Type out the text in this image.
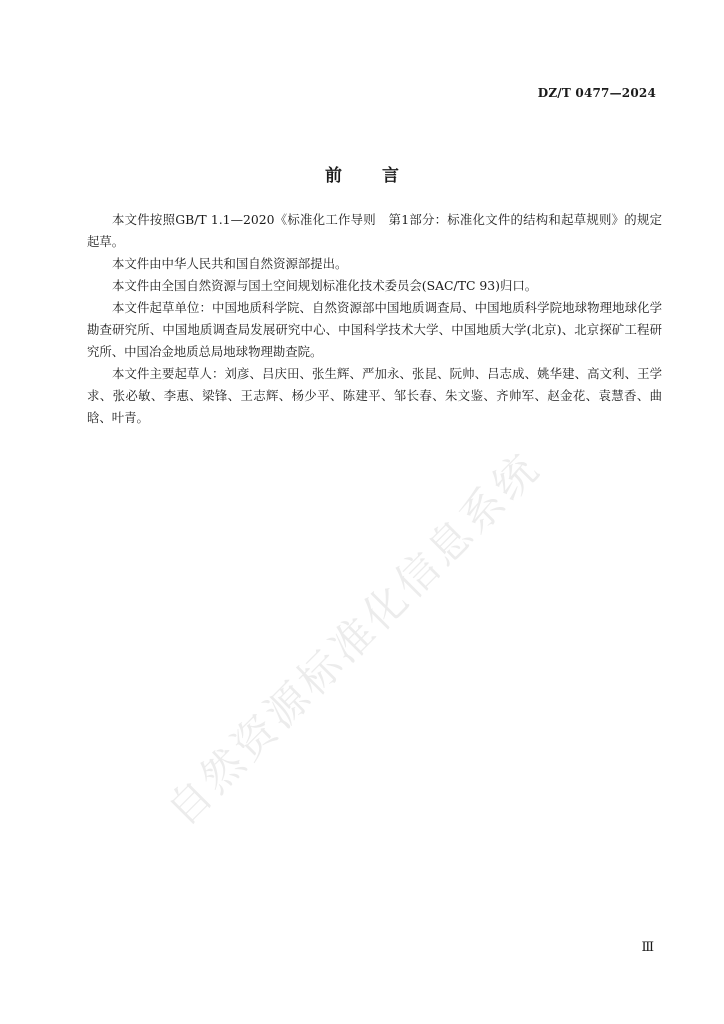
DZ/T 0477—2024
前 言

本文件按照GB/T 1.1—2020《标准化工作导则　第1部分：标准化文件的结构和起草规则》的规定起草。

本文件由中华人民共和国自然资源部提出。

本文件由全国自然资源与国土空间规划标准化技术委员会(SAC/TC 93)归口。

本文件起草单位：中国地质科学院、自然资源部中国地质调查局、中国地质科学院地球物理地球化学勘查研究所、中国地质调查局发展研究中心、中国科学技术大学、中国地质大学(北京)、北京探矿工程研究所、中国冶金地质总局地球物理勘查院。

本文件主要起草人：刘彦、吕庆田、张生辉、严加永、张昆、阮帅、吕志成、姚华建、高文利、王学求、张必敏、李惠、梁锋、王志辉、杨少平、陈建平、邹长春、朱文鉴、齐帅军、赵金花、袁慧香、曲晗、叶青。

自然资源标准化信息系统
Ⅲ
